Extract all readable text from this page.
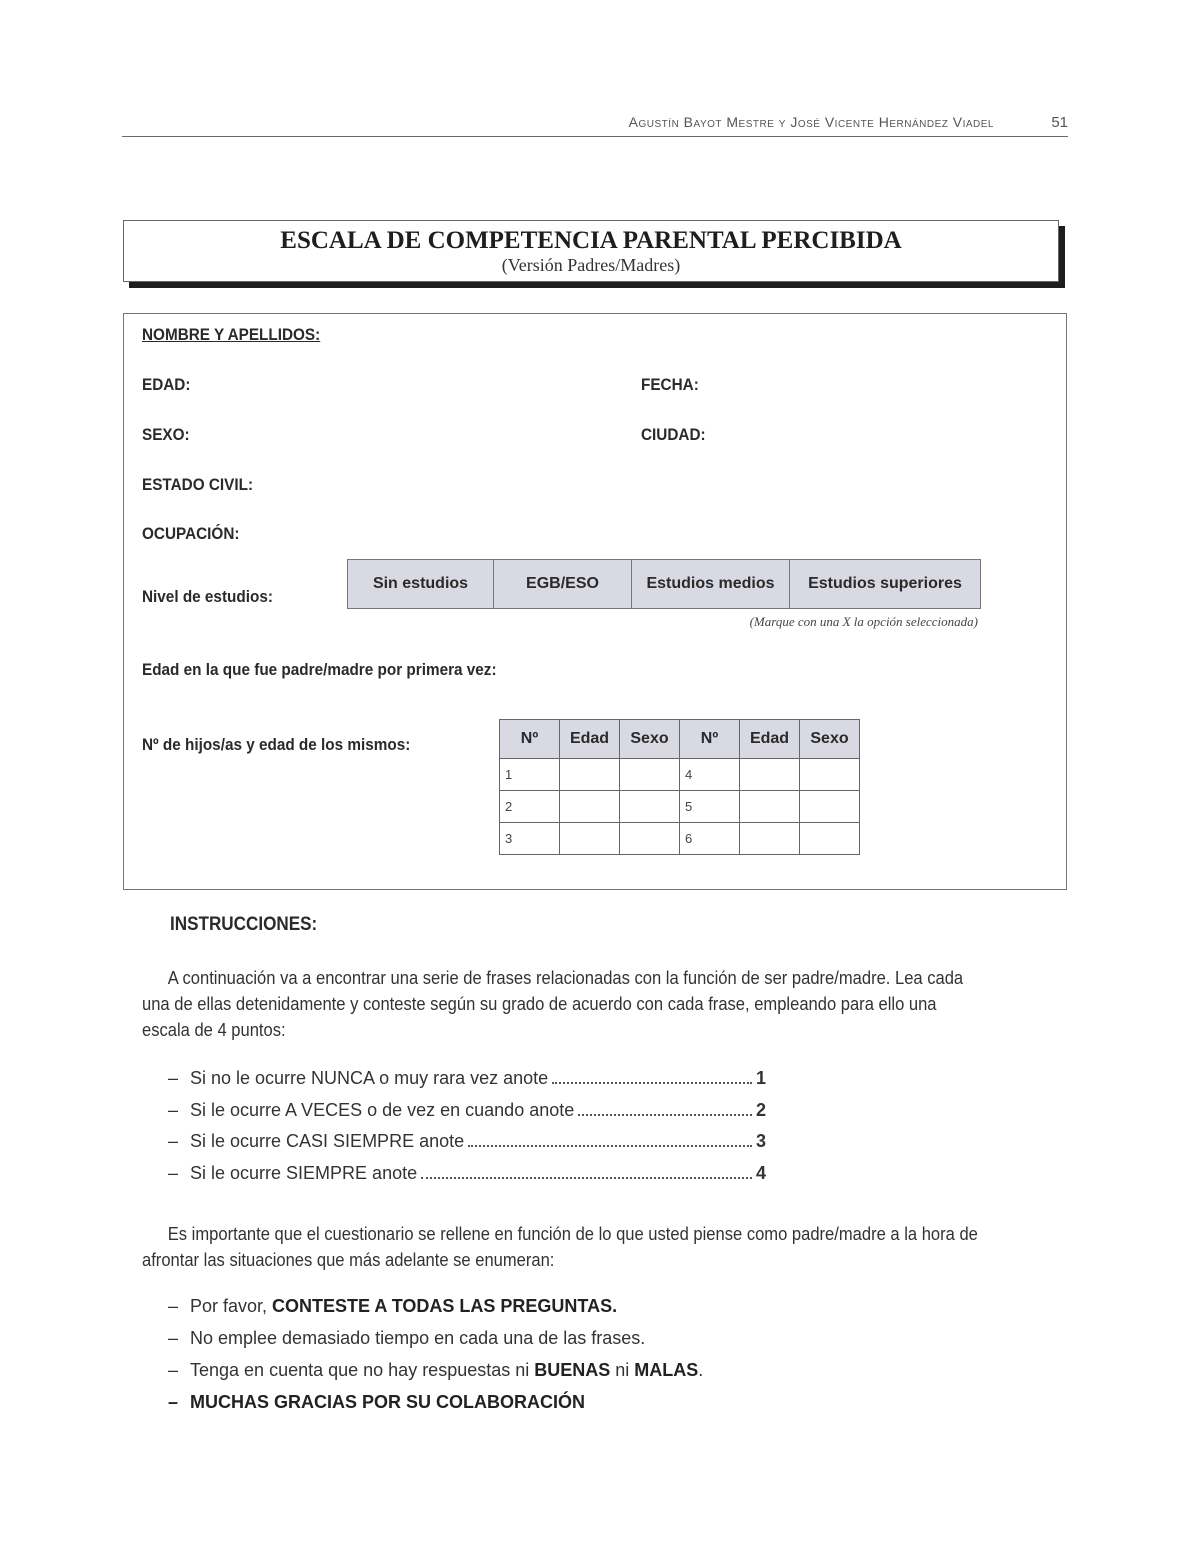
Agustín Bayot Mestre y José Vicente Hernández Viadel	51
ESCALA DE COMPETENCIA PARENTAL PERCIBIDA
(Versión Padres/Madres)
NOMBRE Y APELLIDOS:
EDAD:	FECHA:
SEXO:	CIUDAD:
ESTADO CIVIL:
OCUPACIÓN:
Nivel de estudios:
Sin estudios	EGB/ESO	Estudios medios	Estudios superiores
(Marque con una X la opción seleccionada)
Edad en la que fue padre/madre por primera vez:
Nº de hijos/as y edad de los mismos:	Nº	Edad	Sexo	Nº	Edad	Sexo
1			4		
2			5		
3			6		
INSTRUCCIONES:
A continuación va a encontrar una serie de frases relacionadas con la función de ser padre/madre. Lea cada una de ellas detenidamente y conteste según su grado de acuerdo con cada frase, empleando para ello una escala de 4 puntos:
– Si no le ocurre NUNCA o muy rara vez anote	1
– Si le ocurre A VECES o de vez en cuando anote	2
– Si le ocurre CASI SIEMPRE anote	3
– Si le ocurre SIEMPRE anote	4
Es importante que el cuestionario se rellene en función de lo que usted piense como padre/madre a la hora de afrontar las situaciones que más adelante se enumeran:
– Por favor, CONTESTE A TODAS LAS PREGUNTAS.
– No emplee demasiado tiempo en cada una de las frases.
– Tenga en cuenta que no hay respuestas ni BUENAS ni MALAS.
– MUCHAS GRACIAS POR SU COLABORACIÓN
